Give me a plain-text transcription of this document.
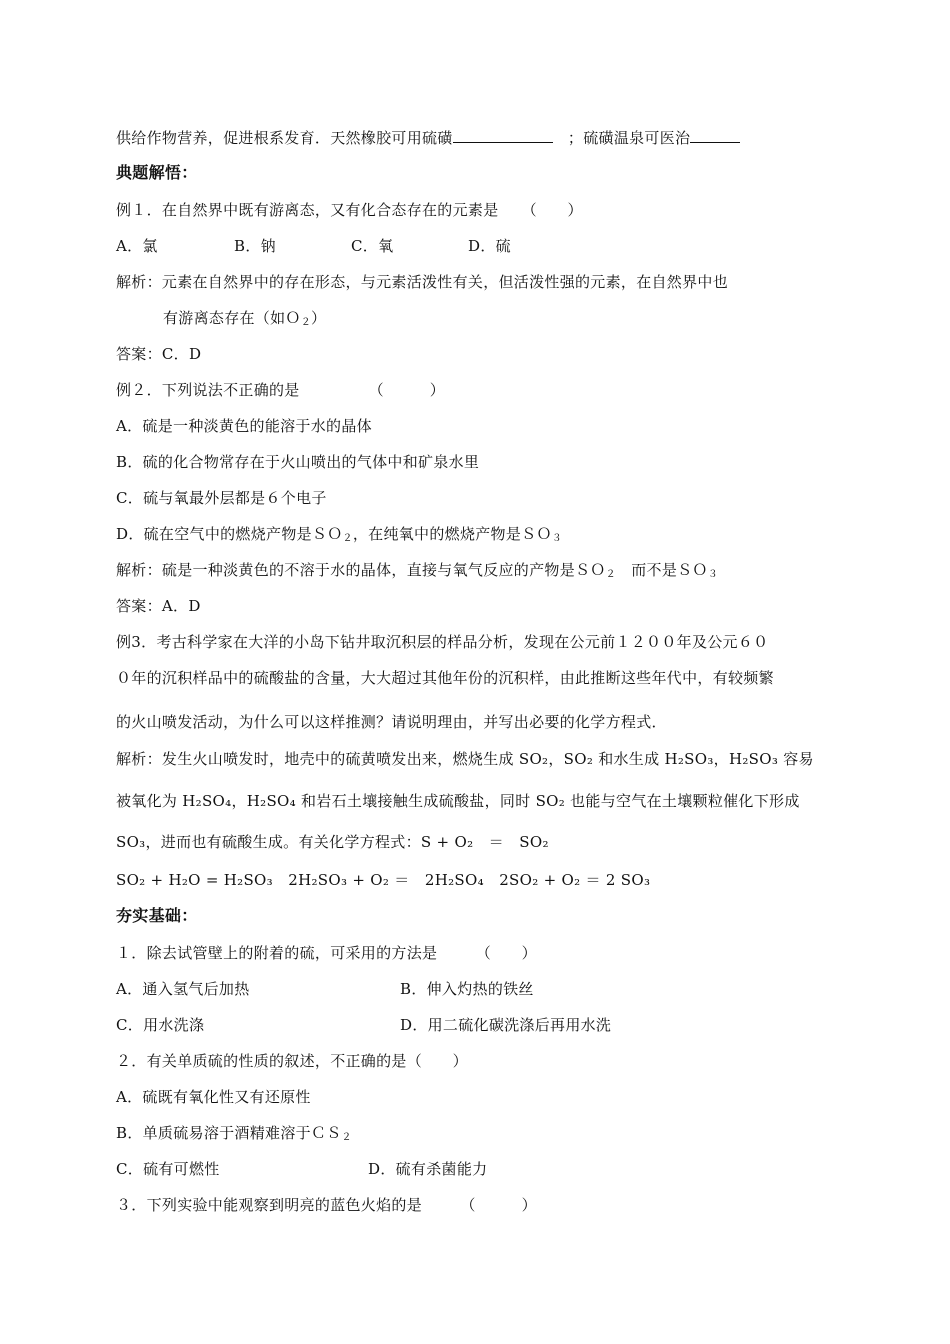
供给作物营养，促进根系发育．天然橡胶可用硫磺　	；硫磺温泉可医治
典题解悟：
例１．在自然界中既有游离态，又有化合态存在的元素是　　（　　）
A．氯	B．钠	C．氧	D．硫
解析：元素在自然界中的存在形态，与元素活泼性有关，但活泼性强的元素，在自然界中也
有游离态存在（如Ｏ$_2$）
答案：C．D
例２．下列说法不正确的是　　　　　（　　　）
A．硫是一种淡黄色的能溶于水的晶体
B．硫的化合物常存在于火山喷出的气体中和矿泉水里
C．硫与氧最外层都是６个电子
D．硫在空气中的燃烧产物是ＳＯ$_2$，在纯氧中的燃烧产物是ＳＯ$_3$
解析：硫是一种淡黄色的不溶于水的晶体，直接与氧气反应的产物是ＳＯ$_2$　而不是ＳＯ$_3$
答案：A．D
例3．考古科学家在大洋的小岛下钻井取沉积层的样品分析，发现在公元前１２００年及公元６０
０年的沉积样品中的硫酸盐的含量，大大超过其他年份的沉积样，由此推断这些年代中，有较频繁
的火山喷发活动，为什么可以这样推测？请说明理由，并写出必要的化学方程式．
解析：发生火山喷发时，地壳中的硫黄喷发出来，燃烧生成 SO₂，SO₂ 和水生成 H₂SO₃，H₂SO₃ 容易
被氧化为 H₂SO₄，H₂SO₄ 和岩石土壤接触生成硫酸盐，同时 SO₂ 也能与空气在土壤颗粒催化下形成
SO₃，进而也有硫酸生成。有关化学方程式：S + O₂　＝　SO₂
SO₂ + H₂O = H₂SO₃　2H₂SO₃ + O₂ ＝　2H₂SO₄　2SO₂ + O₂ ＝ 2 SO₃
夯实基础：
１．除去试管壁上的附着的硫，可采用的方法是　　　（　　）
A．通入氢气后加热	B．伸入灼热的铁丝
C．用水洗涤	D．用二硫化碳洗涤后再用水洗
２．有关单质硫的性质的叙述，不正确的是（　　）
A．硫既有氧化性又有还原性
B．单质硫易溶于酒精难溶于ＣＳ$_2$
C．硫有可燃性	D．硫有杀菌能力
３．下列实验中能观察到明亮的蓝色火焰的是　　　（　　　）
